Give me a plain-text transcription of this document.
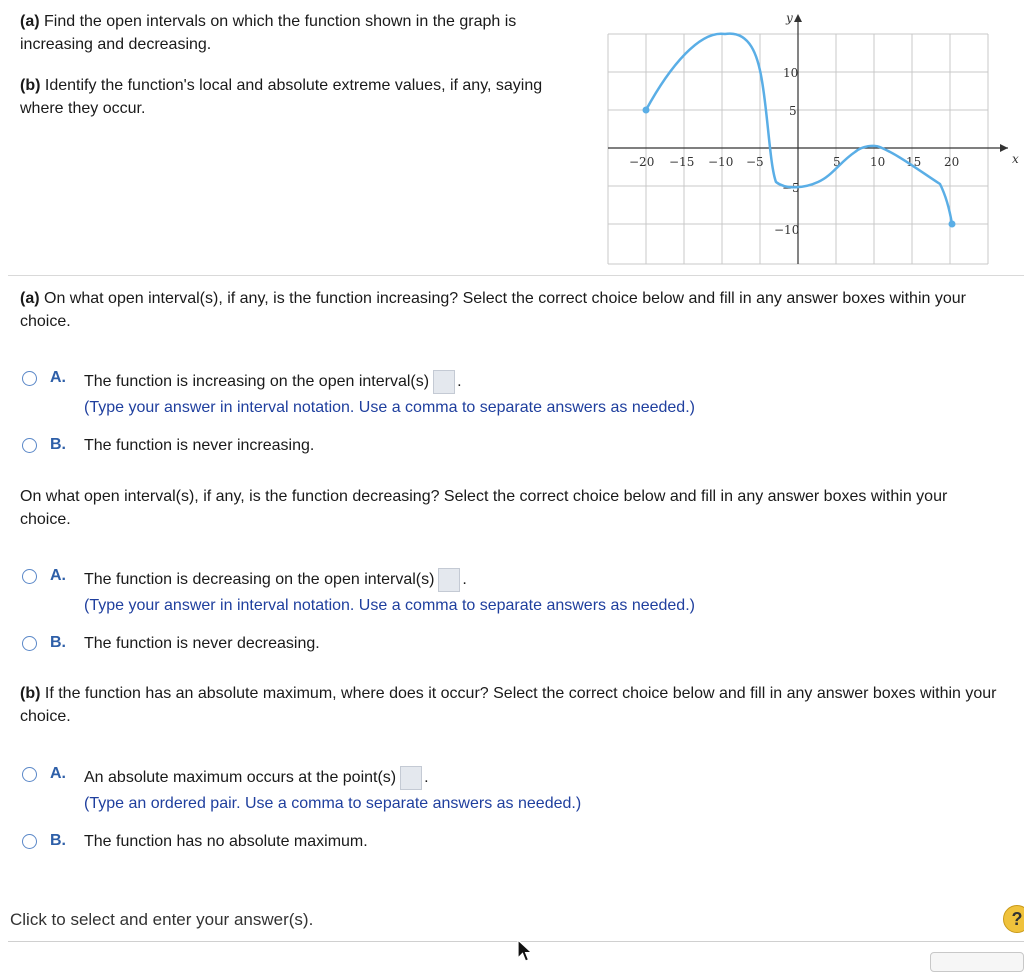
(a) Find the open intervals on which the function shown in the graph is increasing and decreasing.

(b) Identify the function's local and absolute extreme values, if any, saying where they occur.

x
y
−20 −15 −10 −5	5 10 15 20
10
5
−5
−10
(a) On what open interval(s), if any, is the function increasing? Select the correct choice below and fill in any answer boxes within your choice.
A. The function is increasing on the open interval(s) .
(Type your answer in interval notation. Use a comma to separate answers as needed.)
B. The function is never increasing.
On what open interval(s), if any, is the function decreasing? Select the correct choice below and fill in any answer boxes within your choice.
A. The function is decreasing on the open interval(s) .
(Type your answer in interval notation. Use a comma to separate answers as needed.)
B. The function is never decreasing.
(b) If the function has an absolute maximum, where does it occur? Select the correct choice below and fill in any answer boxes within your choice.
A. An absolute maximum occurs at the point(s) .
(Type an ordered pair. Use a comma to separate answers as needed.)
B. The function has no absolute maximum.
Click to select and enter your answer(s).	?
